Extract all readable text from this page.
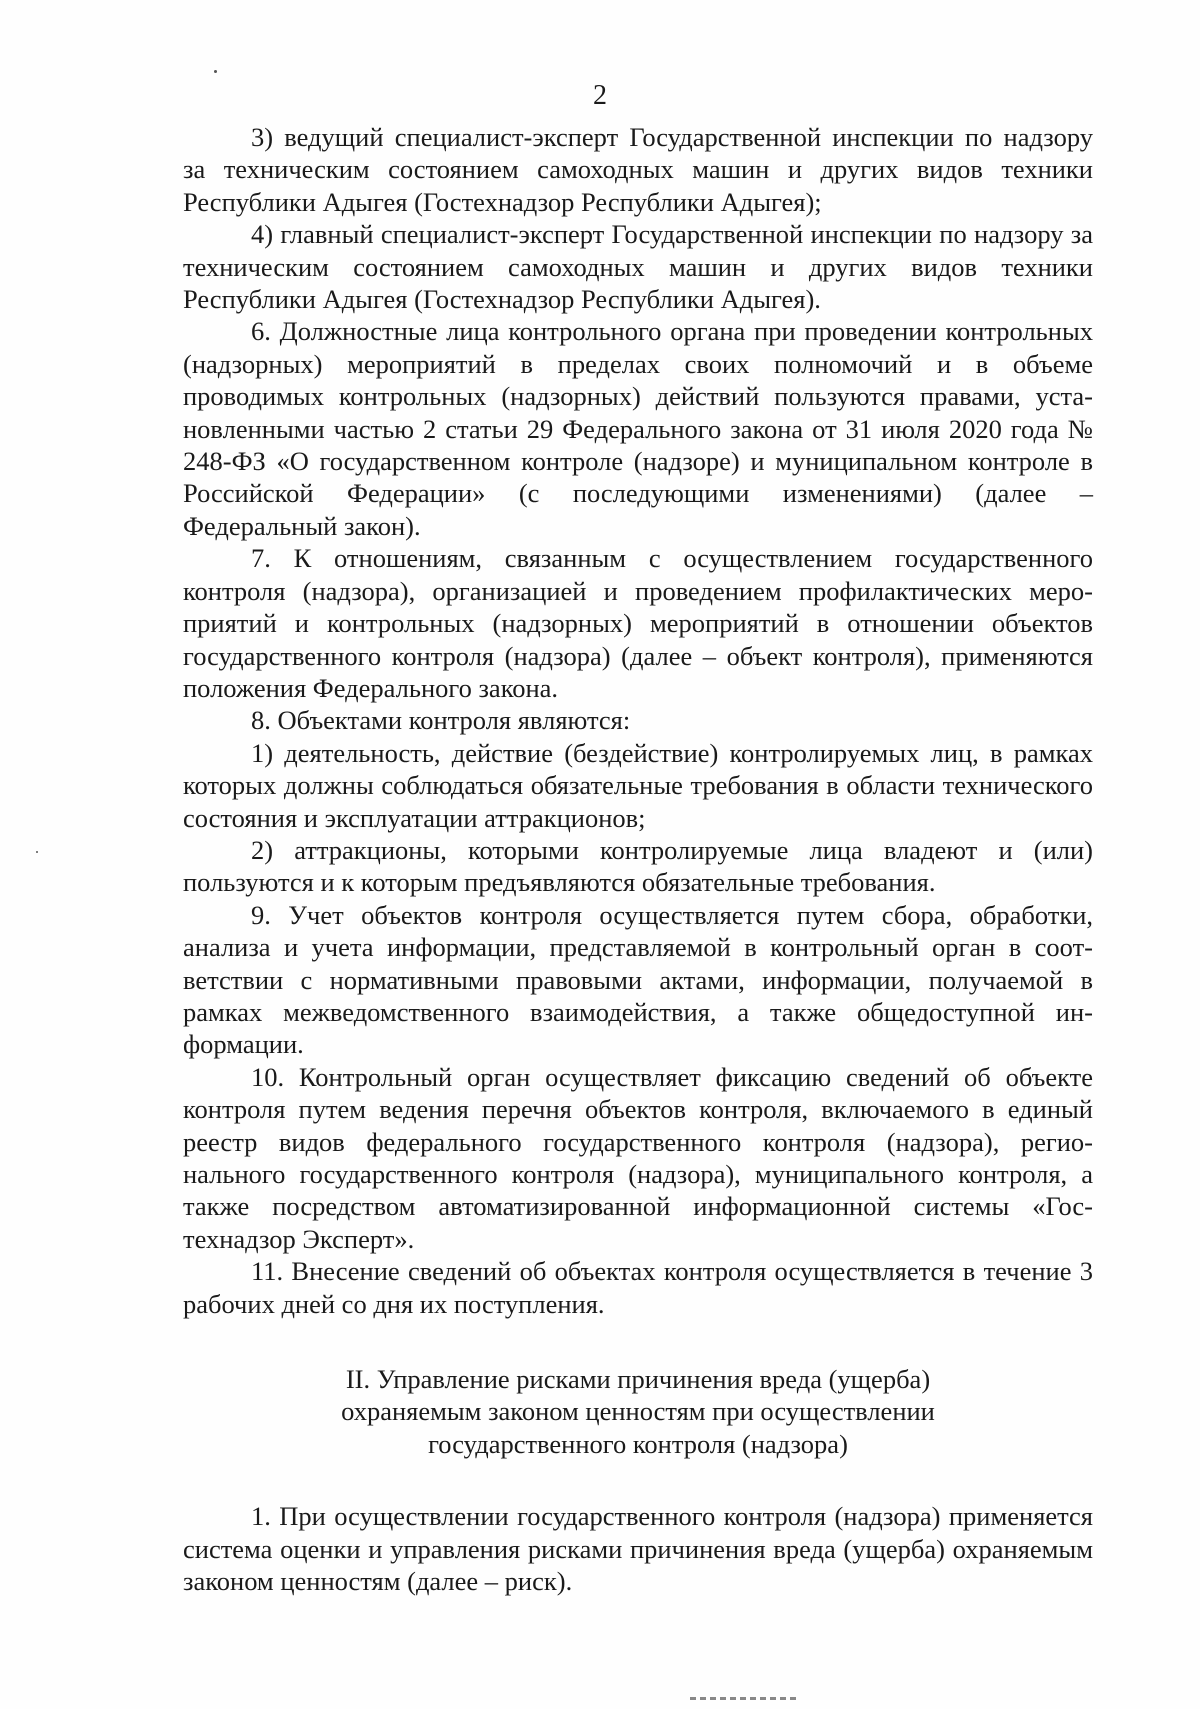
2

3) ведущий специалист-эксперт Государственной инспекции по надзору за техническим состоянием самоходных машин и других видов техники Республики Адыгея (Гостехнадзор Республики Адыгея);

4) главный специалист-эксперт Государственной инспекции по надзору за техническим состоянием самоходных машин и других видов техники Республики Адыгея (Гостехнадзор Республики Адыгея).

6. Должностные лица контрольного органа при проведении контрольных (надзорных) мероприятий в пределах своих полномочий и в объеме проводимых контрольных (надзорных) действий пользуются правами, установленными частью 2 статьи 29 Федерального закона от 31 июля 2020 года № 248-ФЗ «О государственном контроле (надзоре) и муниципальном контроле в Российской Федерации» (с последующими изменениями) (далее – Федеральный закон).

7. К отношениям, связанным с осуществлением государственного контроля (надзора), организацией и проведением профилактических мероприятий и контрольных (надзорных) мероприятий в отношении объектов государственного контроля (надзора) (далее – объект контроля), применяются положения Федерального закона.

8. Объектами контроля являются:

1) деятельность, действие (бездействие) контролируемых лиц, в рамках которых должны соблюдаться обязательные требования в области технического состояния и эксплуатации аттракционов;

2) аттракционы, которыми контролируемые лица владеют и (или) пользуются и к которым предъявляются обязательные требования.

9. Учет объектов контроля осуществляется путем сбора, обработки, анализа и учета информации, представляемой в контрольный орган в соответствии с нормативными правовыми актами, информации, получаемой в рамках межведомственного взаимодействия, а также общедоступной информации.

10. Контрольный орган осуществляет фиксацию сведений об объекте контроля путем ведения перечня объектов контроля, включаемого в единый реестр видов федерального государственного контроля (надзора), регионального государственного контроля (надзора), муниципального контроля, а также посредством автоматизированной информационной системы «Гостехнадзор Эксперт».

11. Внесение сведений об объектах контроля осуществляется в течение 3 рабочих дней со дня их поступления.

II. Управление рисками причинения вреда (ущерба)
охраняемым законом ценностям при осуществлении
государственного контроля (надзора)

1. При осуществлении государственного контроля (надзора) применяется система оценки и управления рисками причинения вреда (ущерба) охраняемым законом ценностям (далее – риск).
